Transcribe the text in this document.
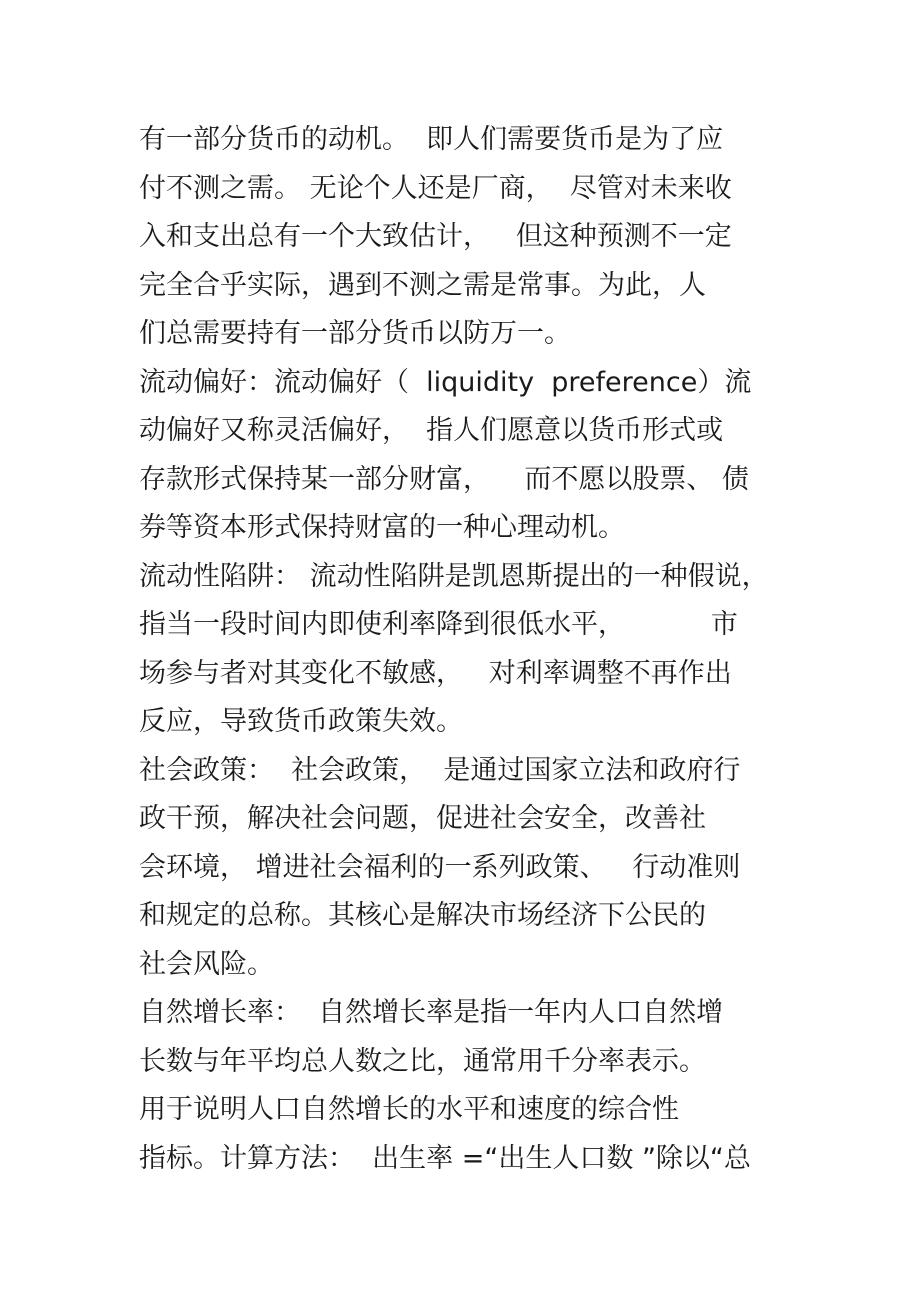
有一部分货币的动机。  即人们需要货币是为了应
付不测之需。 无论个人还是厂商，  尽管对未来收
入和支出总有一个大致估计，   但这种预测不一定
完全合乎实际，遇到不测之需是常事。为此，人
们总需要持有一部分货币以防万一。
流动偏好：流动偏好（  liquidity  preference）流
动偏好又称灵活偏好，  指人们愿意以货币形式或
存款形式保持某一部分财富，    而不愿以股票、 债
券等资本形式保持财富的一种心理动机。
流动性陷阱： 流动性陷阱是凯恩斯提出的一种假说，
指当一段时间内即使利率降到很低水平，          市
场参与者对其变化不敏感，   对利率调整不再作出
反应，导致货币政策失效。
社会政策：  社会政策，  是通过国家立法和政府行
政干预，解决社会问题，促进社会安全，改善社
会环境， 增进社会福利的一系列政策、   行动准则
和规定的总称。其核心是解决市场经济下公民的
社会风险。
自然增长率：  自然增长率是指一年内人口自然增
长数与年平均总人数之比，通常用千分率表示。
用于说明人口自然增长的水平和速度的综合性
指标。计算方法：  出生率 =“出生人口数 ”除以“总
